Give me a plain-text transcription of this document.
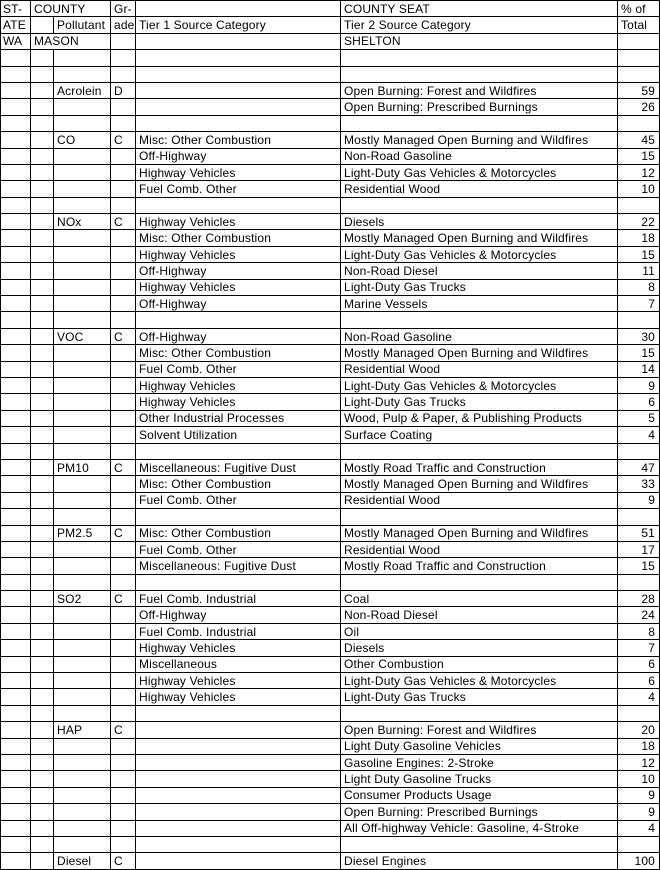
ST-	COUNTY		Gr-		COUNTY SEAT	% of
ATE		Pollutant	ade	Tier 1 Source Category	Tier 2 Source Category	Total
WA	MASON				SHELTON	

		Acrolein	D		Open Burning: Forest and Wildfires	59
					Open Burning: Prescribed Burnings	26

		CO	C	Misc: Other Combustion	Mostly Managed Open Burning and Wildfires	45
				Off-Highway	Non-Road Gasoline	15
				Highway Vehicles	Light-Duty Gas Vehicles & Motorcycles	12
				Fuel Comb. Other	Residential Wood	10

		NOx	C	Highway Vehicles	Diesels	22
				Misc: Other Combustion	Mostly Managed Open Burning and Wildfires	18
				Highway Vehicles	Light-Duty Gas Vehicles & Motorcycles	15
				Off-Highway	Non-Road Diesel	11
				Highway Vehicles	Light-Duty Gas Trucks	8
				Off-Highway	Marine Vessels	7

		VOC	C	Off-Highway	Non-Road Gasoline	30
				Misc: Other Combustion	Mostly Managed Open Burning and Wildfires	15
				Fuel Comb. Other	Residential Wood	14
				Highway Vehicles	Light-Duty Gas Vehicles & Motorcycles	9
				Highway Vehicles	Light-Duty Gas Trucks	6
				Other Industrial Processes	Wood, Pulp & Paper, & Publishing Products	5
				Solvent Utilization	Surface Coating	4

		PM10	C	Miscellaneous: Fugitive Dust	Mostly Road Traffic and Construction	47
				Misc: Other Combustion	Mostly Managed Open Burning and Wildfires	33
				Fuel Comb. Other	Residential Wood	9

		PM2.5	C	Misc: Other Combustion	Mostly Managed Open Burning and Wildfires	51
				Fuel Comb. Other	Residential Wood	17
				Miscellaneous: Fugitive Dust	Mostly Road Traffic and Construction	15

		SO2	C	Fuel Comb. Industrial	Coal	28
				Off-Highway	Non-Road Diesel	24
				Fuel Comb. Industrial	Oil	8
				Highway Vehicles	Diesels	7
				Miscellaneous	Other Combustion	6
				Highway Vehicles	Light-Duty Gas Vehicles & Motorcycles	6
				Highway Vehicles	Light-Duty Gas Trucks	4

		HAP	C		Open Burning: Forest and Wildfires	20
					Light Duty Gasoline Vehicles	18
					Gasoline Engines: 2-Stroke	12
					Light Duty Gasoline Trucks	10
					Consumer Products Usage	9
					Open Burning: Prescribed Burnings	9
					All Off-highway Vehicle: Gasoline, 4-Stroke	4

		Diesel	C		Diesel Engines	100
